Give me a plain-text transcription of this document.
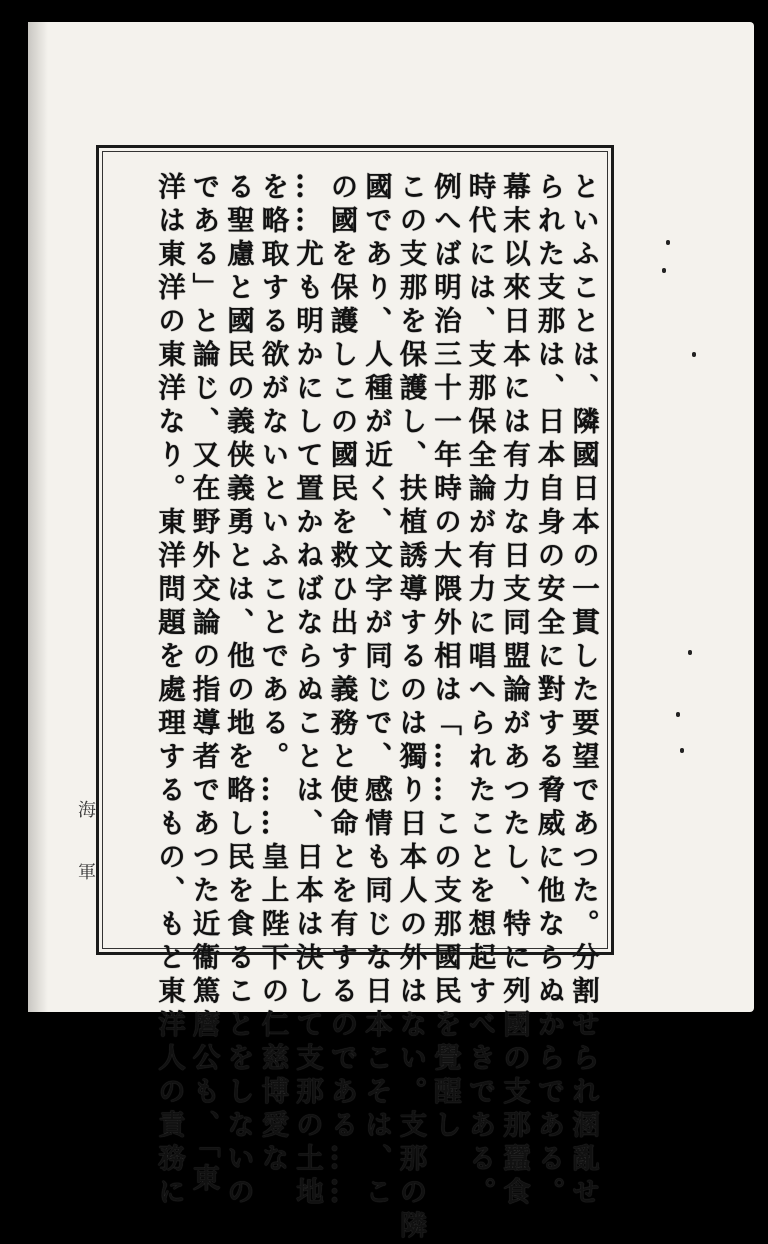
といふことは、隣國日本の一貫した要望であつた。分割せられ溷亂せ
られた支那は、日本自身の安全に對する脅威に他ならぬからである。
幕末以來日本には有力な日支同盟論があつたし、特に列國の支那蠶食
時代には、支那保全論が有力に唱へられたことを想起すべきである。
例へば明治三十一年時の大隈外相は「……この支那國民を覺醒し
この支那を保護し、扶植誘導するのは獨り日本人の外はない。支那の隣
國であり、人種が近く、文字が同じで、感情も同じな日本こそは、こ
の國を保護しこの國民を救ひ出す義務と使命とを有するのである……
……尤も明かにして置かねばならぬことは、日本は決して支那の土地
を略取する欲がないといふことである。……皇上陛下の仁慈博愛な
る聖慮と國民の義侠義勇とは、他の地を略し民を食ることをしないの
である」と論じ、又在野外交論の指導者であつた近衞篤麿公も、「東
洋は東洋の東洋なり。東洋問題を處理するもの、もと東洋人の責務に
海軍
